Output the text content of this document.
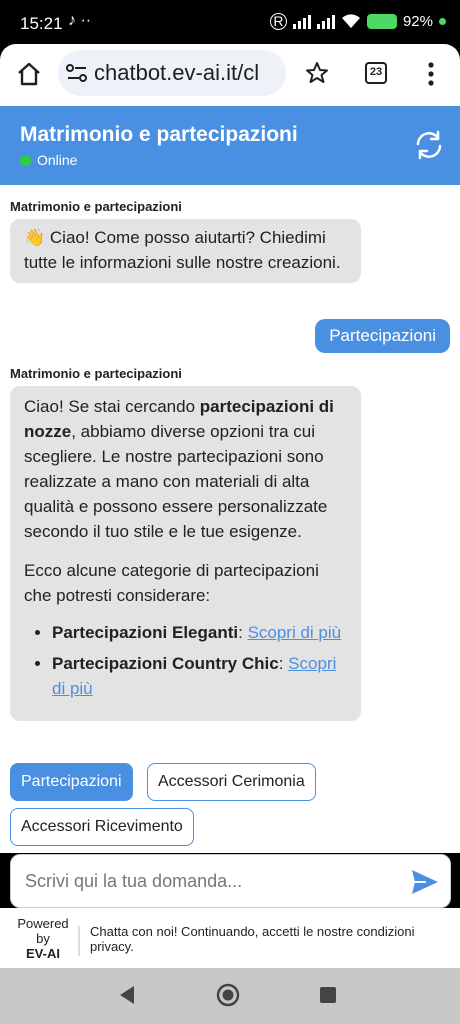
15:21 ♪ ··	R	92%
chatbot.ev-ai.it/cl	23
Matrimonio e partecipazioni
Online
Matrimonio e partecipazioni

👋 Ciao! Come posso aiutarti? Chiedimi tutte le informazioni sulle nostre creazioni.

Partecipazioni
Matrimonio e partecipazioni

Ciao! Se stai cercando partecipazioni di nozze, abbiamo diverse opzioni tra cui scegliere. Le nostre partecipazioni sono realizzate a mano con materiali di alta qualità e possono essere personalizzate secondo il tuo stile e le tue esigenze.

Ecco alcune categorie di partecipazioni che potresti considerare:

• Partecipazioni Eleganti: Scopri di più
• Partecipazioni Country Chic: Scopri di più
Partecipazioni	Accessori Cerimonia
Accessori Ricevimento
Scrivi qui la tua domanda...
Powered
by
EV-AI
Chatta con noi! Continuando, accetti le nostre condizioni privacy.
